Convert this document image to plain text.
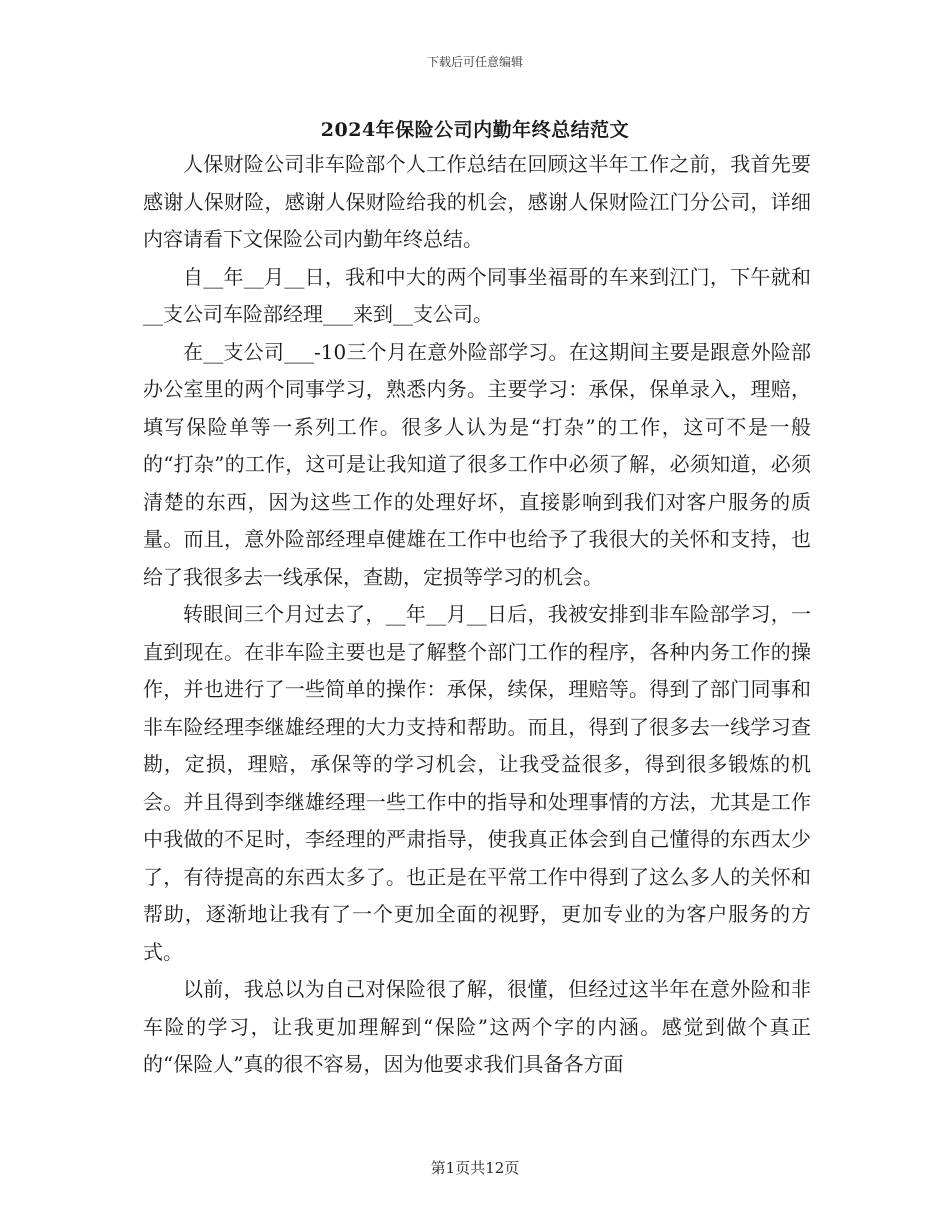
下载后可任意编辑
2024年保险公司内勤年终总结范文

人保财险公司非车险部个人工作总结在回顾这半年工作之前，我首先要感谢人保财险，感谢人保财险给我的机会，感谢人保财险江门分公司，详细内容请看下文保险公司内勤年终总结。

自__年__月__日，我和中大的两个同事坐福哥的车来到江门，下午就和__支公司车险部经理___来到__支公司。

在__支公司___-10三个月在意外险部学习。在这期间主要是跟意外险部办公室里的两个同事学习，熟悉内务。主要学习：承保，保单录入，理赔，填写保险单等一系列工作。很多人认为是“打杂”的工作，这可不是一般的“打杂”的工作，这可是让我知道了很多工作中必须了解，必须知道，必须清楚的东西，因为这些工作的处理好坏，直接影响到我们对客户服务的质量。而且，意外险部经理卓健雄在工作中也给予了我很大的关怀和支持，也给了我很多去一线承保，查勘，定损等学习的机会。

转眼间三个月过去了，__年__月__日后，我被安排到非车险部学习，一直到现在。在非车险主要也是了解整个部门工作的程序，各种内务工作的操作，并也进行了一些简单的操作：承保，续保，理赔等。得到了部门同事和非车险经理李继雄经理的大力支持和帮助。而且，得到了很多去一线学习查勘，定损，理赔，承保等的学习机会，让我受益很多，得到很多锻炼的机会。并且得到李继雄经理一些工作中的指导和处理事情的方法，尤其是工作中我做的不足时，李经理的严肃指导，使我真正体会到自己懂得的东西太少了，有待提高的东西太多了。也正是在平常工作中得到了这么多人的关怀和帮助，逐渐地让我有了一个更加全面的视野，更加专业的为客户服务的方式。

以前，我总以为自己对保险很了解，很懂，但经过这半年在意外险和非车险的学习，让我更加理解到“保险”这两个字的内涵。感觉到做个真正的“保险人”真的很不容易，因为他要求我们具备各方面

第1页共12页
